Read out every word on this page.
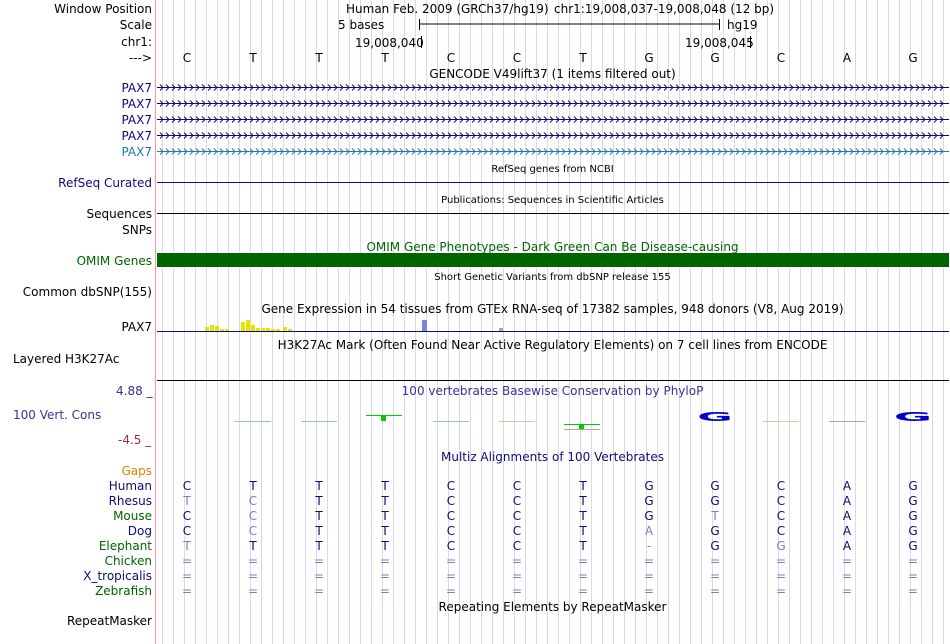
G	G
Window Position
Scale
chr1:
--->
Human Feb. 2009 (GRCh37/hg19) chr1:19,008,037-19,008,048 (12 bp)
5 bases	hg19
19,008,040	19,008,045
C	T	T	T	C	C	T	G	G	C	A	G
GENCODE V49lift37 (1 items filtered out)
PAX7
PAX7
PAX7
PAX7
PAX7
RefSeq genes from NCBI
RefSeq Curated
Publications: Sequences in Scientific Articles
Sequences
SNPs
OMIM Gene Phenotypes - Dark Green Can Be Disease-causing
OMIM Genes
Short Genetic Variants from dbSNP release 155
Common dbSNP(155)
Gene Expression in 54 tissues from GTEx RNA-seq of 17382 samples, 948 donors (V8, Aug 2019)
PAX7
H3K27Ac Mark (Often Found Near Active Regulatory Elements) on 7 cell lines from ENCODE
Layered H3K27Ac
100 vertebrates Basewise Conservation by PhyloP
4.88 _
100 Vert. Cons
-4.5 _
Multiz Alignments of 100 Vertebrates
Gaps
Human	C	T	T	T	C	C	T	G	G	C	A	G
Rhesus	T	C	T	T	C	C	T	G	G	C	A	G
Mouse	C	C	T	T	C	C	T	G	T	C	A	G
Dog	C	C	T	T	C	C	T	A	G	C	A	G
Elephant	T	T	T	T	C	C	T	-	G	G	A	G
Chicken =	=	=	=	=	=	=	=	=	=	=	=
X_tropicalis =	=	=	=	=	=	=	=	=	=	=	=
Zebrafish =	=	=	=	=	=	=	=	=	=	=	=
Repeating Elements by RepeatMasker
RepeatMasker
